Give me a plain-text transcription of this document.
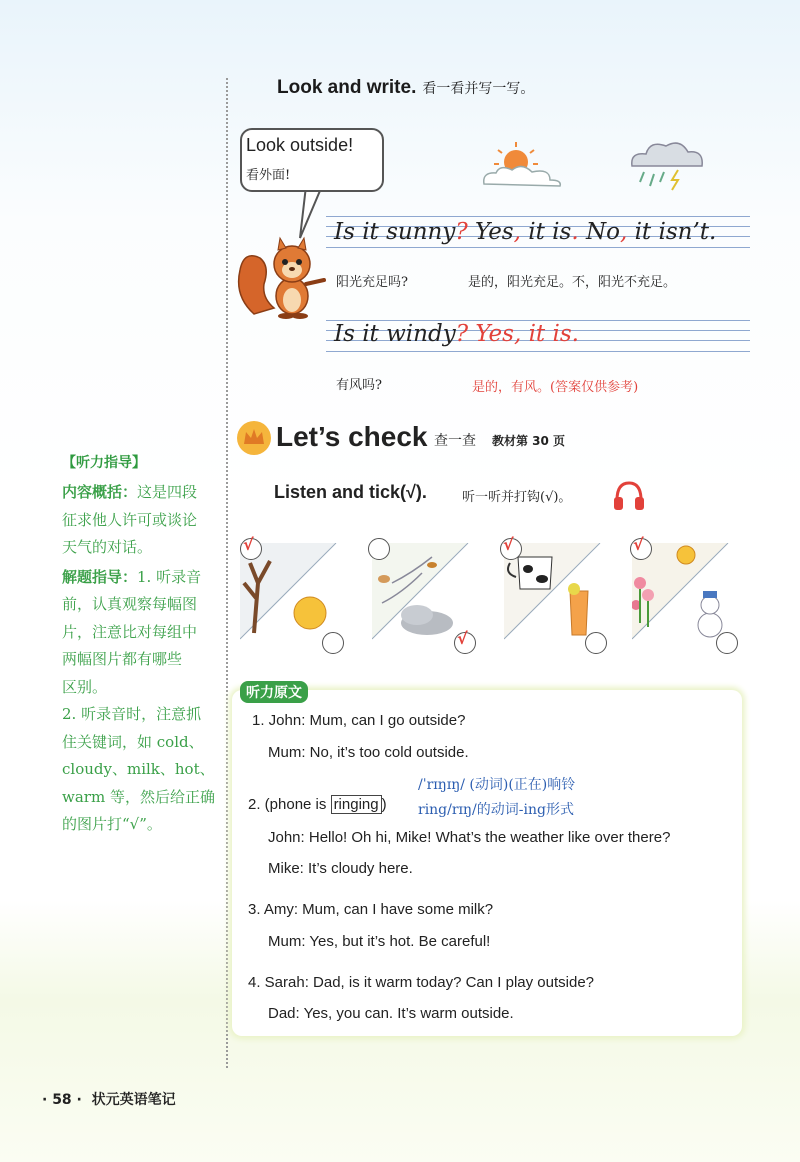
【听力指导】
内容概括：这是四段
征求他人许可或谈论
天气的对话。
解题指导：1. 听录音
前，认真观察每幅图
片，注意比对每组中
两幅图片都有哪些
区别。
2. 听录音时，注意抓
住关键词，如 cold、
cloudy、milk、hot、
warm 等，然后给正确
的图片打“√”。
Look and write. 看一看并写一写。
Look outside!
看外面!
Is it sunny? Yes, it is. No, it isn’t.
阳光充足吗?	是的，阳光充足。不，阳光不充足。
Is it windy? Yes, it is.
有风吗?	是的，有风。(答案仅供参考)
Let’s check 查一查 教材第 30 页
Listen and tick(√).	听一听并打钩(√)。
√
√
√	√
听力原文
1. John: Mum, can I go outside?
Mum: No, it’s too cold outside.
/ˈrɪŋɪŋ/ (动词)(正在)响铃
ring/rɪŋ/的动词-ing形式
2. (phone is ringing )
John: Hello! Oh hi, Mike! What’s the weather like over there?
Mike: It’s cloudy here.
3. Amy: Mum, can I have some milk?
Mum: Yes, but it’s hot. Be careful!
4. Sarah: Dad, is it warm today? Can I play outside?
Dad: Yes, you can. It’s warm outside.
· 58 · 状元英语笔记
